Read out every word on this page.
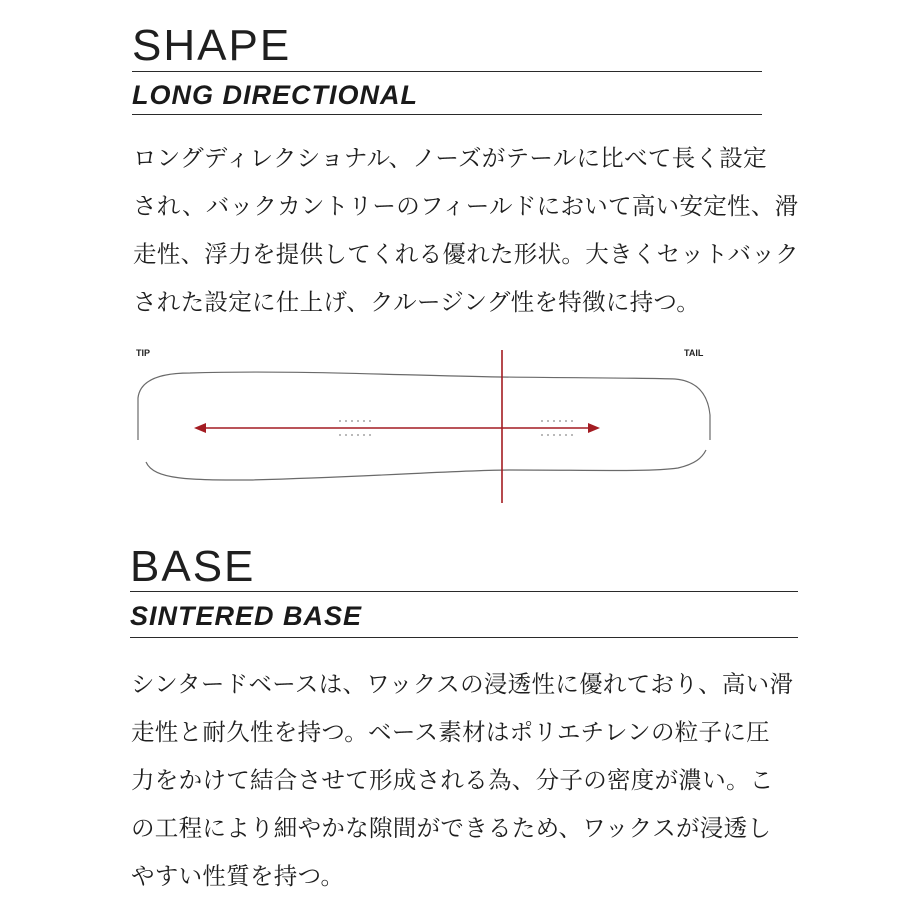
SHAPE
LONG DIRECTIONAL

ロングディレクショナル、ノーズがテールに比べて長く設定
され、バックカントリーのフィールドにおいて高い安定性、滑
走性、浮力を提供してくれる優れた形状。大きくセットバック
された設定に仕上げ、クルージング性を特徴に持つ。

TIP	TAIL
BASE
SINTERED BASE

シンタードベースは、ワックスの浸透性に優れており、高い滑
走性と耐久性を持つ。ベース素材はポリエチレンの粒子に圧
力をかけて結合させて形成される為、分子の密度が濃い。こ
の工程により細やかな隙間ができるため、ワックスが浸透し
やすい性質を持つ。
